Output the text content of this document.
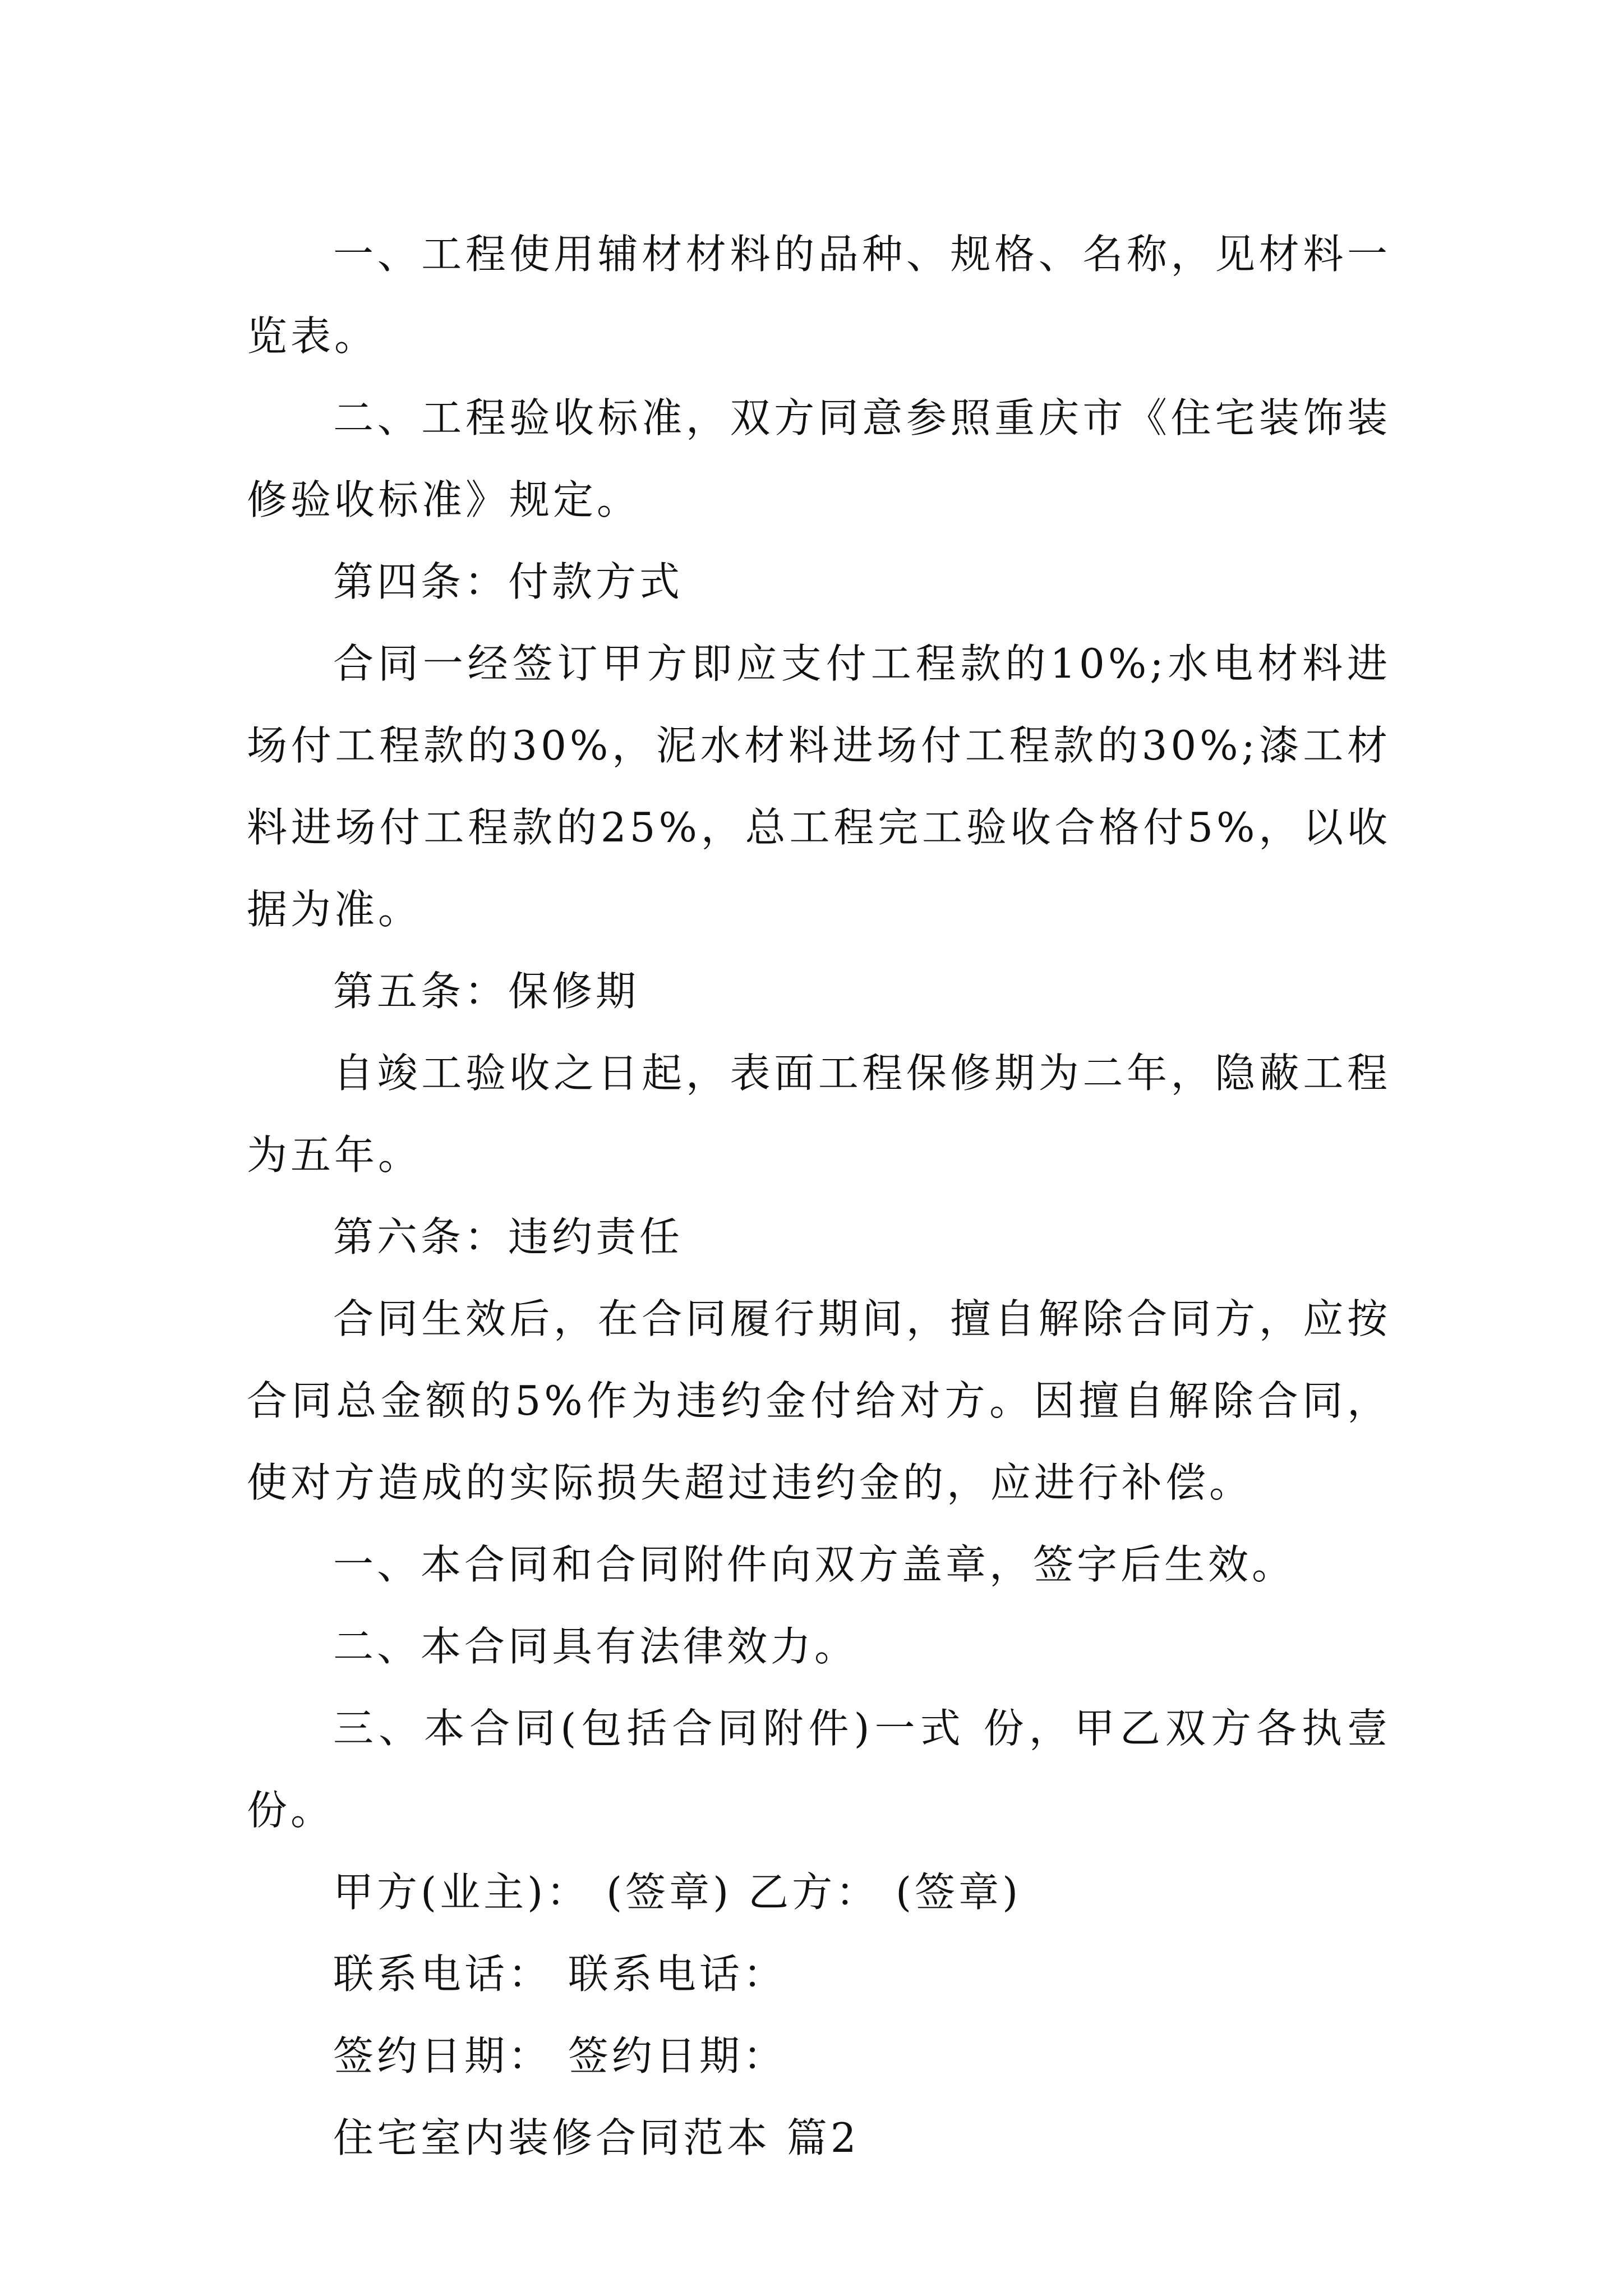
一、工程使用辅材材料的品种、规格、名称，见材料一览表。

二、工程验收标准，双方同意参照重庆市《住宅装饰装修验收标准》规定。

第四条：付款方式

合同一经签订甲方即应支付工程款的10%;水电材料进场付工程款的30%，泥水材料进场付工程款的30%;漆工材料进场付工程款的25%，总工程完工验收合格付5%，以收据为准。

第五条：保修期

自竣工验收之日起，表面工程保修期为二年，隐蔽工程为五年。

第六条：违约责任

合同生效后，在合同履行期间，擅自解除合同方，应按合同总金额的5%作为违约金付给对方。因擅自解除合同，使对方造成的实际损失超过违约金的，应进行补偿。

一、本合同和合同附件向双方盖章，签字后生效。

二、本合同具有法律效力。

三、本合同(包括合同附件)一式 份，甲乙双方各执壹份。

甲方(业主)： (签章) 乙方： (签章)

联系电话： 联系电话：

签约日期： 签约日期：

住宅室内装修合同范本 篇2
